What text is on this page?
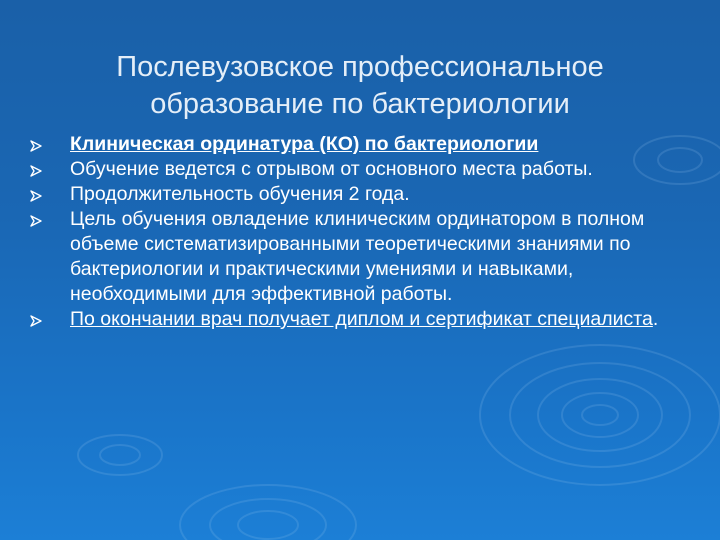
Послевузовское профессиональное образование по бактериологии
Клиническая ординатура (КО) по бактериологии
Обучение ведется с отрывом от основного места работы.
Продолжительность обучения 2 года.
Цель обучения овладение клиническим ординатором в полном объеме систематизированными теоретическими знаниями по бактериологии и практическими умениями и навыками, необходимыми для эффективной работы.
По окончании врач получает диплом и сертификат специалиста.
